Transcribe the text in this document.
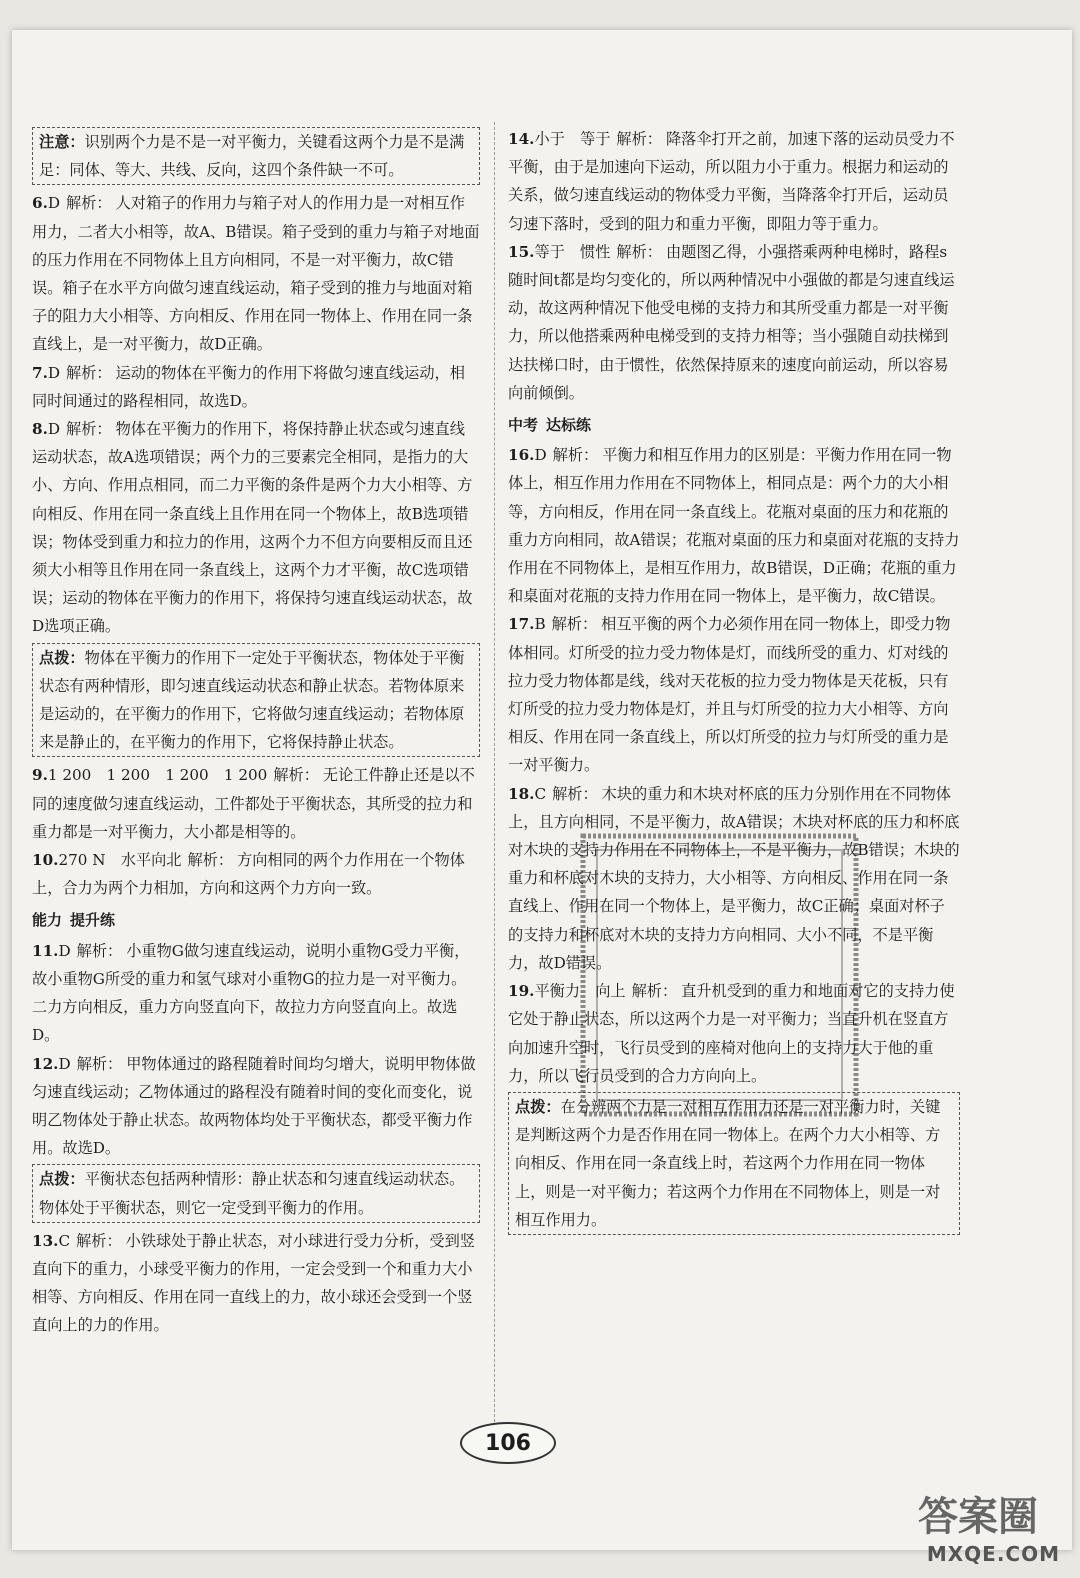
注意：识别两个力是不是一对平衡力，关键看这两个力是不是满足：同体、等大、共线、反向，这四个条件缺一不可。

6.D 解析： 人对箱子的作用力与箱子对人的作用力是一对相互作用力，二者大小相等，故A、B错误。箱子受到的重力与箱子对地面的压力作用在不同物体上且方向相同，不是一对平衡力，故C错误。箱子在水平方向做匀速直线运动，箱子受到的推力与地面对箱子的阻力大小相等、方向相反、作用在同一物体上、作用在同一条直线上，是一对平衡力，故D正确。

7.D 解析： 运动的物体在平衡力的作用下将做匀速直线运动，相同时间通过的路程相同，故选D。

8.D 解析： 物体在平衡力的作用下，将保持静止状态或匀速直线运动状态，故A选项错误；两个力的三要素完全相同，是指力的大小、方向、作用点相同，而二力平衡的条件是两个力大小相等、方向相反、作用在同一条直线上且作用在同一个物体上，故B选项错误；物体受到重力和拉力的作用，这两个力不但方向要相反而且还须大小相等且作用在同一条直线上，这两个力才平衡，故C选项错误；运动的物体在平衡力的作用下，将保持匀速直线运动状态，故D选项正确。

点拨：物体在平衡力的作用下一定处于平衡状态，物体处于平衡状态有两种情形，即匀速直线运动状态和静止状态。若物体原来是运动的，在平衡力的作用下，它将做匀速直线运动；若物体原来是静止的，在平衡力的作用下，它将保持静止状态。

9.1 200　1 200　1 200　1 200 解析： 无论工件静止还是以不同的速度做匀速直线运动，工件都处于平衡状态，其所受的拉力和重力都是一对平衡力，大小都是相等的。

10.270 N　水平向北 解析： 方向相同的两个力作用在一个物体上，合力为两个力相加，方向和这两个力方向一致。

能力 提升练

11.D 解析： 小重物G做匀速直线运动，说明小重物G受力平衡，故小重物G所受的重力和氢气球对小重物G的拉力是一对平衡力。二力方向相反，重力方向竖直向下，故拉力方向竖直向上。故选D。

12.D 解析： 甲物体通过的路程随着时间均匀增大，说明甲物体做匀速直线运动；乙物体通过的路程没有随着时间的变化而变化，说明乙物体处于静止状态。故两物体均处于平衡状态，都受平衡力作用。故选D。

点拨：平衡状态包括两种情形：静止状态和匀速直线运动状态。物体处于平衡状态，则它一定受到平衡力的作用。

13.C 解析： 小铁球处于静止状态，对小球进行受力分析，受到竖直向下的重力，小球受平衡力的作用，一定会受到一个和重力大小相等、方向相反、作用在同一直线上的力，故小球还会受到一个竖直向上的力的作用。

14.小于　等于 解析： 降落伞打开之前，加速下落的运动员受力不平衡，由于是加速向下运动，所以阻力小于重力。根据力和运动的关系，做匀速直线运动的物体受力平衡，当降落伞打开后，运动员匀速下落时，受到的阻力和重力平衡，即阻力等于重力。

15.等于　惯性 解析： 由题图乙得，小强搭乘两种电梯时，路程s随时间t都是均匀变化的，所以两种情况中小强做的都是匀速直线运动，故这两种情况下他受电梯的支持力和其所受重力都是一对平衡力，所以他搭乘两种电梯受到的支持力相等；当小强随自动扶梯到达扶梯口时，由于惯性，依然保持原来的速度向前运动，所以容易向前倾倒。

中考 达标练

16.D 解析： 平衡力和相互作用力的区别是：平衡力作用在同一物体上，相互作用力作用在不同物体上，相同点是：两个力的大小相等，方向相反，作用在同一条直线上。花瓶对桌面的压力和花瓶的重力方向相同，故A错误；花瓶对桌面的压力和桌面对花瓶的支持力作用在不同物体上，是相互作用力，故B错误，D正确；花瓶的重力和桌面对花瓶的支持力作用在同一物体上，是平衡力，故C错误。

17.B 解析： 相互平衡的两个力必须作用在同一物体上，即受力物体相同。灯所受的拉力受力物体是灯，而线所受的重力、灯对线的拉力受力物体都是线，线对天花板的拉力受力物体是天花板，只有灯所受的拉力受力物体是灯，并且与灯所受的拉力大小相等、方向相反、作用在同一条直线上，所以灯所受的拉力与灯所受的重力是一对平衡力。

18.C 解析： 木块的重力和木块对杯底的压力分别作用在不同物体上，且方向相同，不是平衡力，故A错误；木块对杯底的压力和杯底对木块的支持力作用在不同物体上，不是平衡力，故B错误；木块的重力和杯底对木块的支持力，大小相等、方向相反、作用在同一条直线上、作用在同一个物体上，是平衡力，故C正确；桌面对杯子的支持力和杯底对木块的支持力方向相同、大小不同，不是平衡力，故D错误。

19.平衡力　向上 解析： 直升机受到的重力和地面对它的支持力使它处于静止状态，所以这两个力是一对平衡力；当直升机在竖直方向加速升空时，飞行员受到的座椅对他向上的支持力大于他的重力，所以飞行员受到的合力方向向上。

点拨：在分辨两个力是一对相互作用力还是一对平衡力时，关键是判断这两个力是否作用在同一物体上。在两个力大小相等、方向相反、作用在同一条直线上时，若这两个力作用在同一物体上，则是一对平衡力；若这两个力作用在不同物体上，则是一对相互作用力。
106
答案圈
MXQE.COM
